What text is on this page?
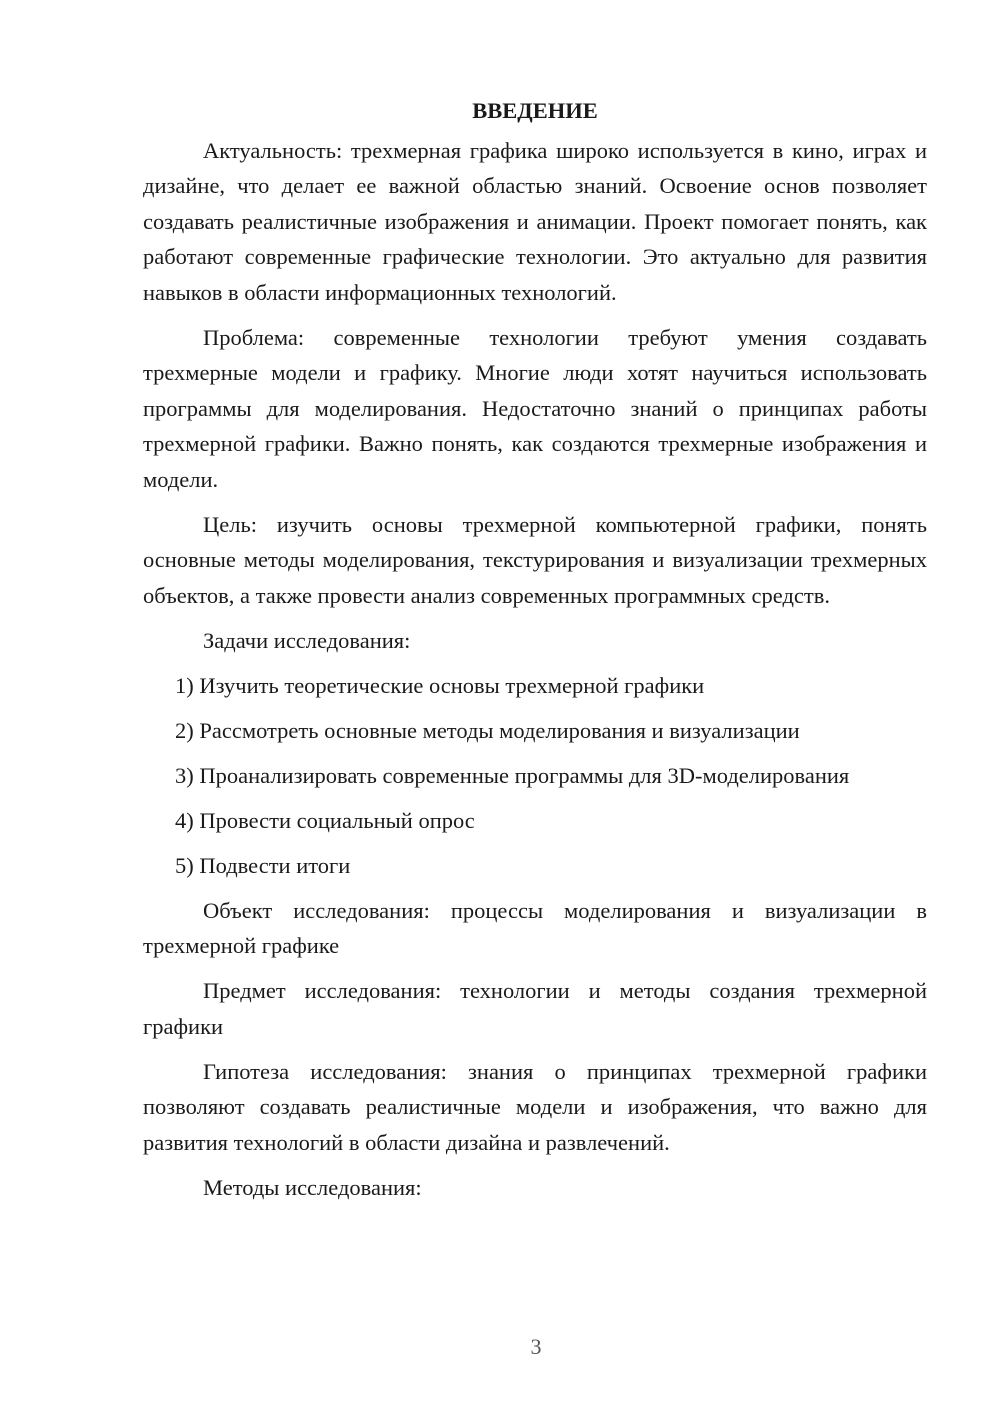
ВВЕДЕНИЕ

Актуальность: трехмерная графика широко используется в кино, играх и дизайне, что делает ее важной областью знаний. Освоение основ позволяет создавать реалистичные изображения и анимации. Проект помогает понять, как работают современные графические технологии. Это актуально для развития навыков в области информационных технологий.

Проблема: современные технологии требуют умения создавать трехмерные модели и графику. Многие люди хотят научиться использовать программы для моделирования. Недостаточно знаний о принципах работы трехмерной графики. Важно понять, как создаются трехмерные изображения и модели.

Цель: изучить основы трехмерной компьютерной графики, понять основные методы моделирования, текстурирования и визуализации трехмерных объектов, а также провести анализ современных программных средств.

Задачи исследования:

1) Изучить теоретические основы трехмерной графики
2) Рассмотреть основные методы моделирования и визуализации
3) Проанализировать современные программы для 3D-моделирования
4) Провести социальный опрос
5) Подвести итоги

Объект исследования: процессы моделирования и визуализации в трехмерной графике

Предмет исследования: технологии и методы создания трехмерной графики

Гипотеза исследования: знания о принципах трехмерной графики позволяют создавать реалистичные модели и изображения, что важно для развития технологий в области дизайна и развлечений.

Методы исследования:

3
